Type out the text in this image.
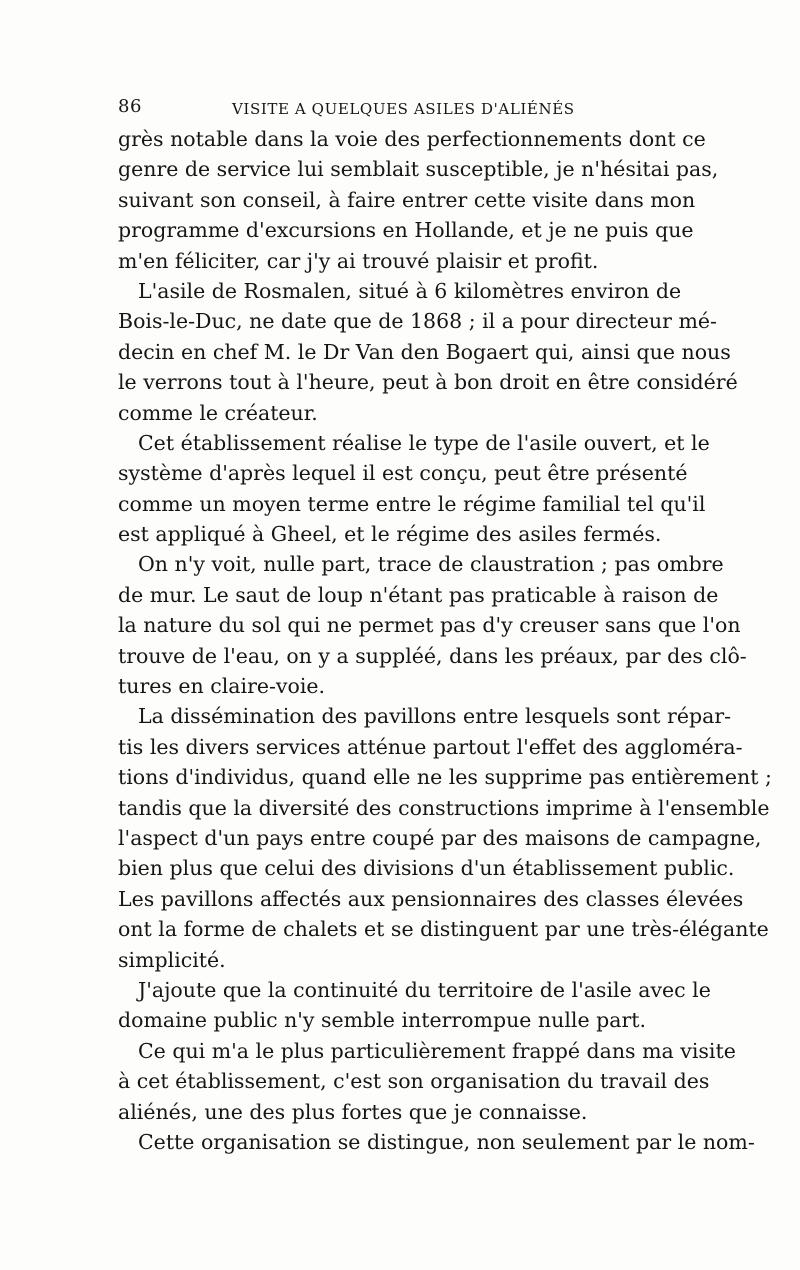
86	VISITE A QUELQUES ASILES D'ALIÉNÉS
grès notable dans la voie des perfectionnements dont ce
genre de service lui semblait susceptible, je n'hésitai pas,
suivant son conseil, à faire entrer cette visite dans mon
programme d'excursions en Hollande, et je ne puis que
m'en féliciter, car j'y ai trouvé plaisir et profit.
L'asile de Rosmalen, situé à 6 kilomètres environ de
Bois-le-Duc, ne date que de 1868 ; il a pour directeur mé-
decin en chef M. le Dr Van den Bogaert qui, ainsi que nous
le verrons tout à l'heure, peut à bon droit en être considéré
comme le créateur.
Cet établissement réalise le type de l'asile ouvert, et le
système d'après lequel il est conçu, peut être présenté
comme un moyen terme entre le régime familial tel qu'il
est appliqué à Gheel, et le régime des asiles fermés.
On n'y voit, nulle part, trace de claustration ; pas ombre
de mur. Le saut de loup n'étant pas praticable à raison de
la nature du sol qui ne permet pas d'y creuser sans que l'on
trouve de l'eau, on y a suppléé, dans les préaux, par des clô-
tures en claire-voie.
La dissémination des pavillons entre lesquels sont répar-
tis les divers services atténue partout l'effet des aggloméra-
tions d'individus, quand elle ne les supprime pas entièrement ;
tandis que la diversité des constructions imprime à l'ensemble
l'aspect d'un pays entre coupé par des maisons de campagne,
bien plus que celui des divisions d'un établissement public.
Les pavillons affectés aux pensionnaires des classes élevées
ont la forme de chalets et se distinguent par une très-élégante
simplicité.
J'ajoute que la continuité du territoire de l'asile avec le
domaine public n'y semble interrompue nulle part.
Ce qui m'a le plus particulièrement frappé dans ma visite
à cet établissement, c'est son organisation du travail des
aliénés, une des plus fortes que je connaisse.
Cette organisation se distingue, non seulement par le nom-
